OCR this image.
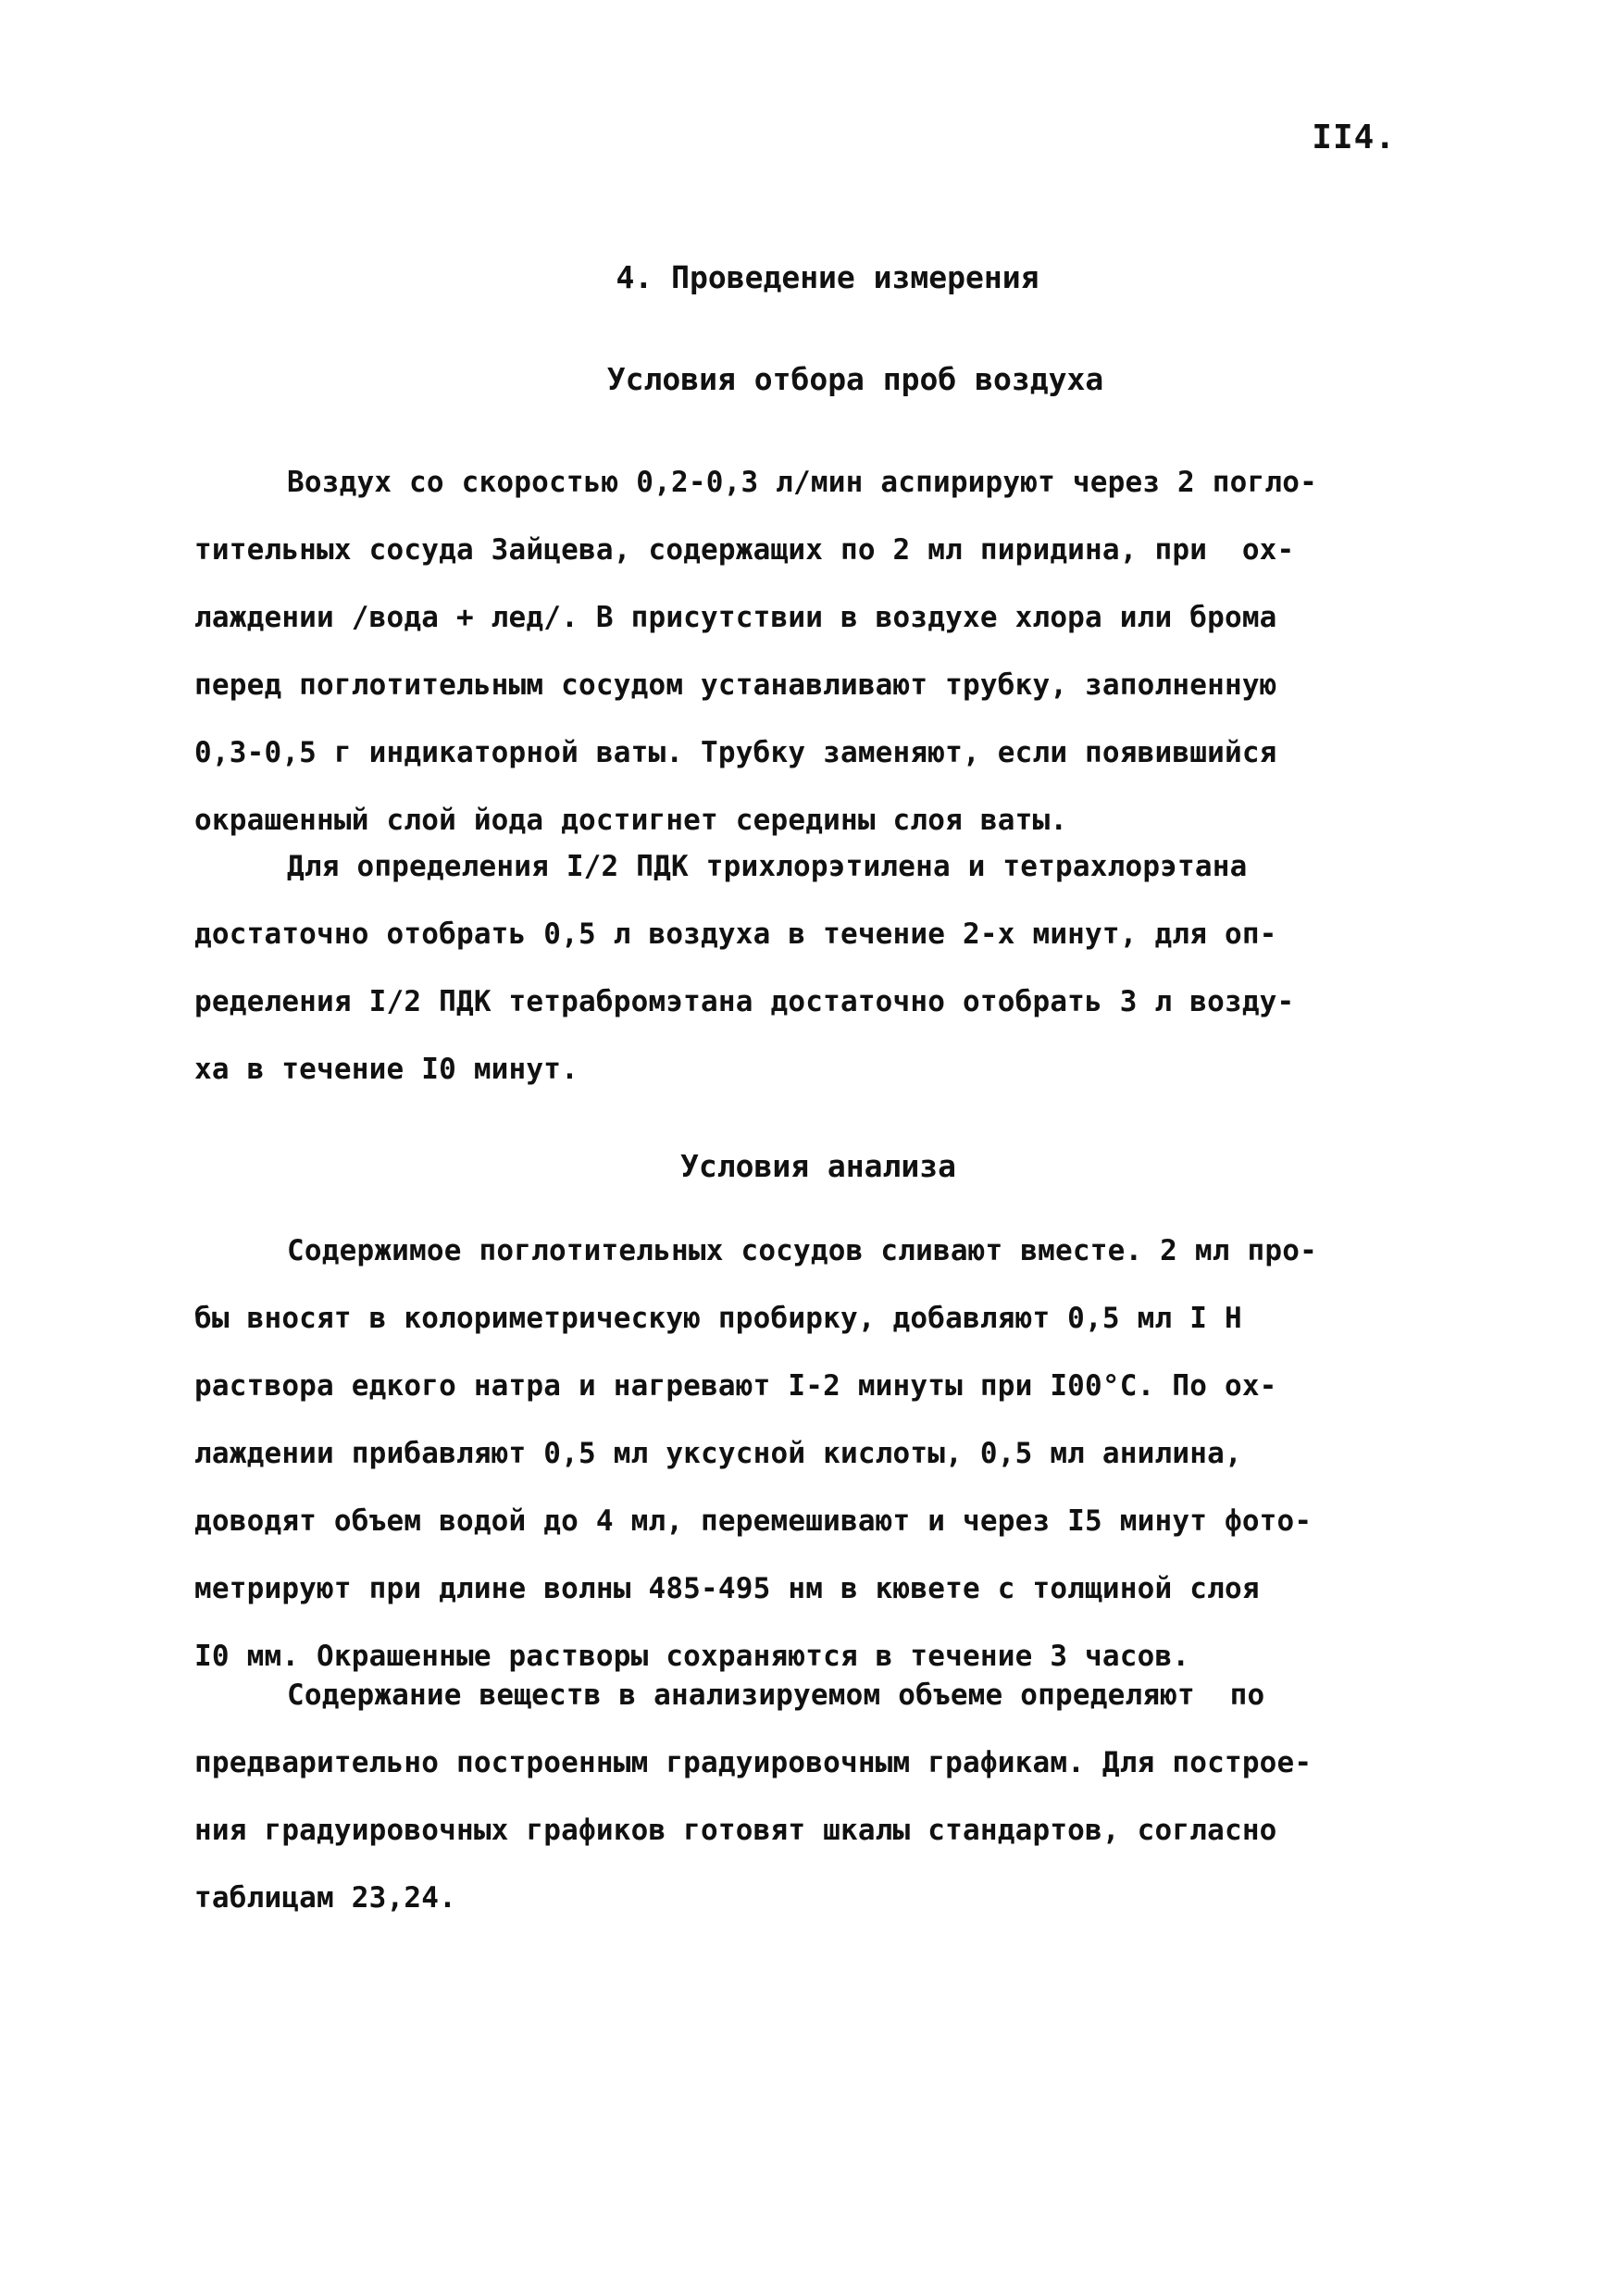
II4.
4. Проведение измерения
Условия отбора проб воздуха
Воздух со скоростью 0,2-0,3 л/мин аспирируют через 2 погло-
тительных сосуда Зайцева, содержащих по 2 мл пиридина, при  ох-
лаждении /вода + лед/. В присутствии в воздухе хлора или брома
перед поглотительным сосудом устанавливают трубку, заполненную
0,3-0,5 г индикаторной ваты. Трубку заменяют, если появившийся
окрашенный слой йода достигнет середины слоя ваты.
Для определения I/2 ПДК трихлорэтилена и тетрахлорэтана
достаточно отобрать 0,5 л воздуха в течение 2-х минут, для оп-
ределения I/2 ПДК тетрабромэтана достаточно отобрать 3 л возду-
ха в течение I0 минут.
Условия анализа
Содержимое поглотительных сосудов сливают вместе. 2 мл про-
бы вносят в колориметрическую пробирку, добавляют 0,5 мл I Н
раствора едкого натра и нагревают I-2 минуты при I00°С. По ох-
лаждении прибавляют 0,5 мл уксусной кислоты, 0,5 мл анилина,
доводят объем водой до 4 мл, перемешивают и через I5 минут фото-
метрируют при длине волны 485-495 нм в кювете с толщиной слоя
I0 мм. Окрашенные растворы сохраняются в течение 3 часов.
Содержание веществ в анализируемом объеме определяют  по
предварительно построенным градуировочным графикам. Для построе-
ния градуировочных графиков готовят шкалы стандартов, согласно
таблицам 23,24.
